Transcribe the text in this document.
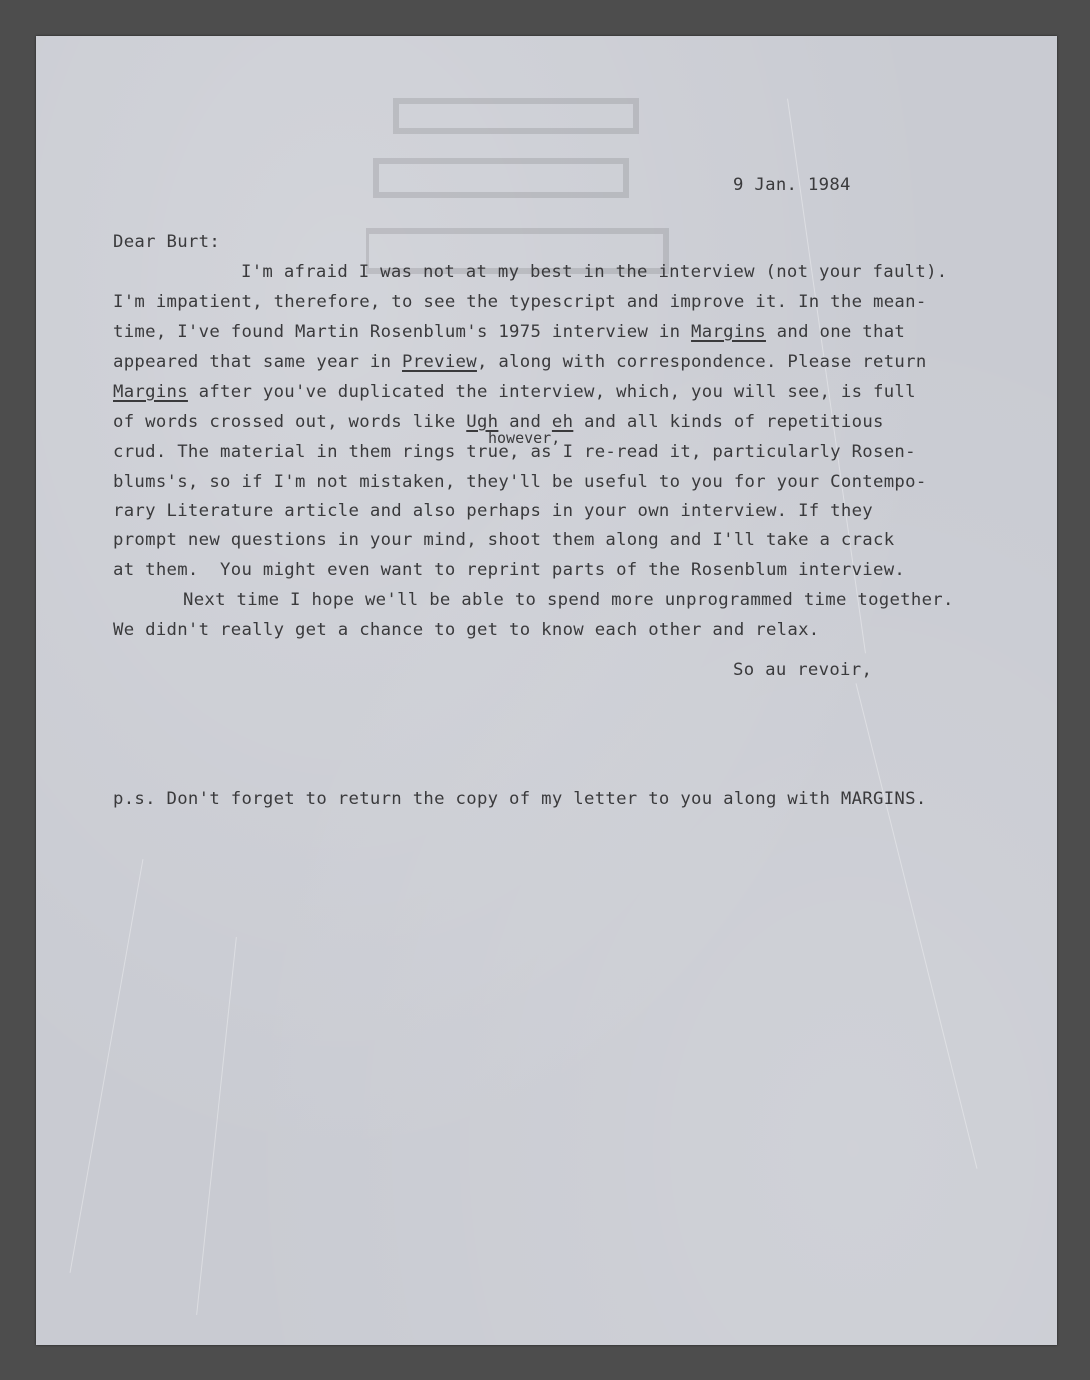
9 Jan. 1984
Dear Burt:
I'm afraid I was not at my best in the interview (not your fault).
I'm impatient, therefore, to see the typescript and improve it. In the mean-
time, I've found Martin Rosenblum's 1975 interview in Margins and one that
appeared that same year in Preview, along with correspondence. Please return
Margins after you've duplicated the interview, which, you will see, is full
of words crossed out, words like Ugh and eh and all kinds of repetitious
however,
crud. The material in them rings true, as I re-read it, particularly Rosen-
blums's, so if I'm not mistaken, they'll be useful to you for your Contempo-
rary Literature article and also perhaps in your own interview. If they
prompt new questions in your mind, shoot them along and I'll take a crack
at them.  You might even want to reprint parts of the Rosenblum interview.
Next time I hope we'll be able to spend more unprogrammed time together.
We didn't really get a chance to get to know each other and relax.
So au revoir,
p.s. Don't forget to return the copy of my letter to you along with MARGINS.
